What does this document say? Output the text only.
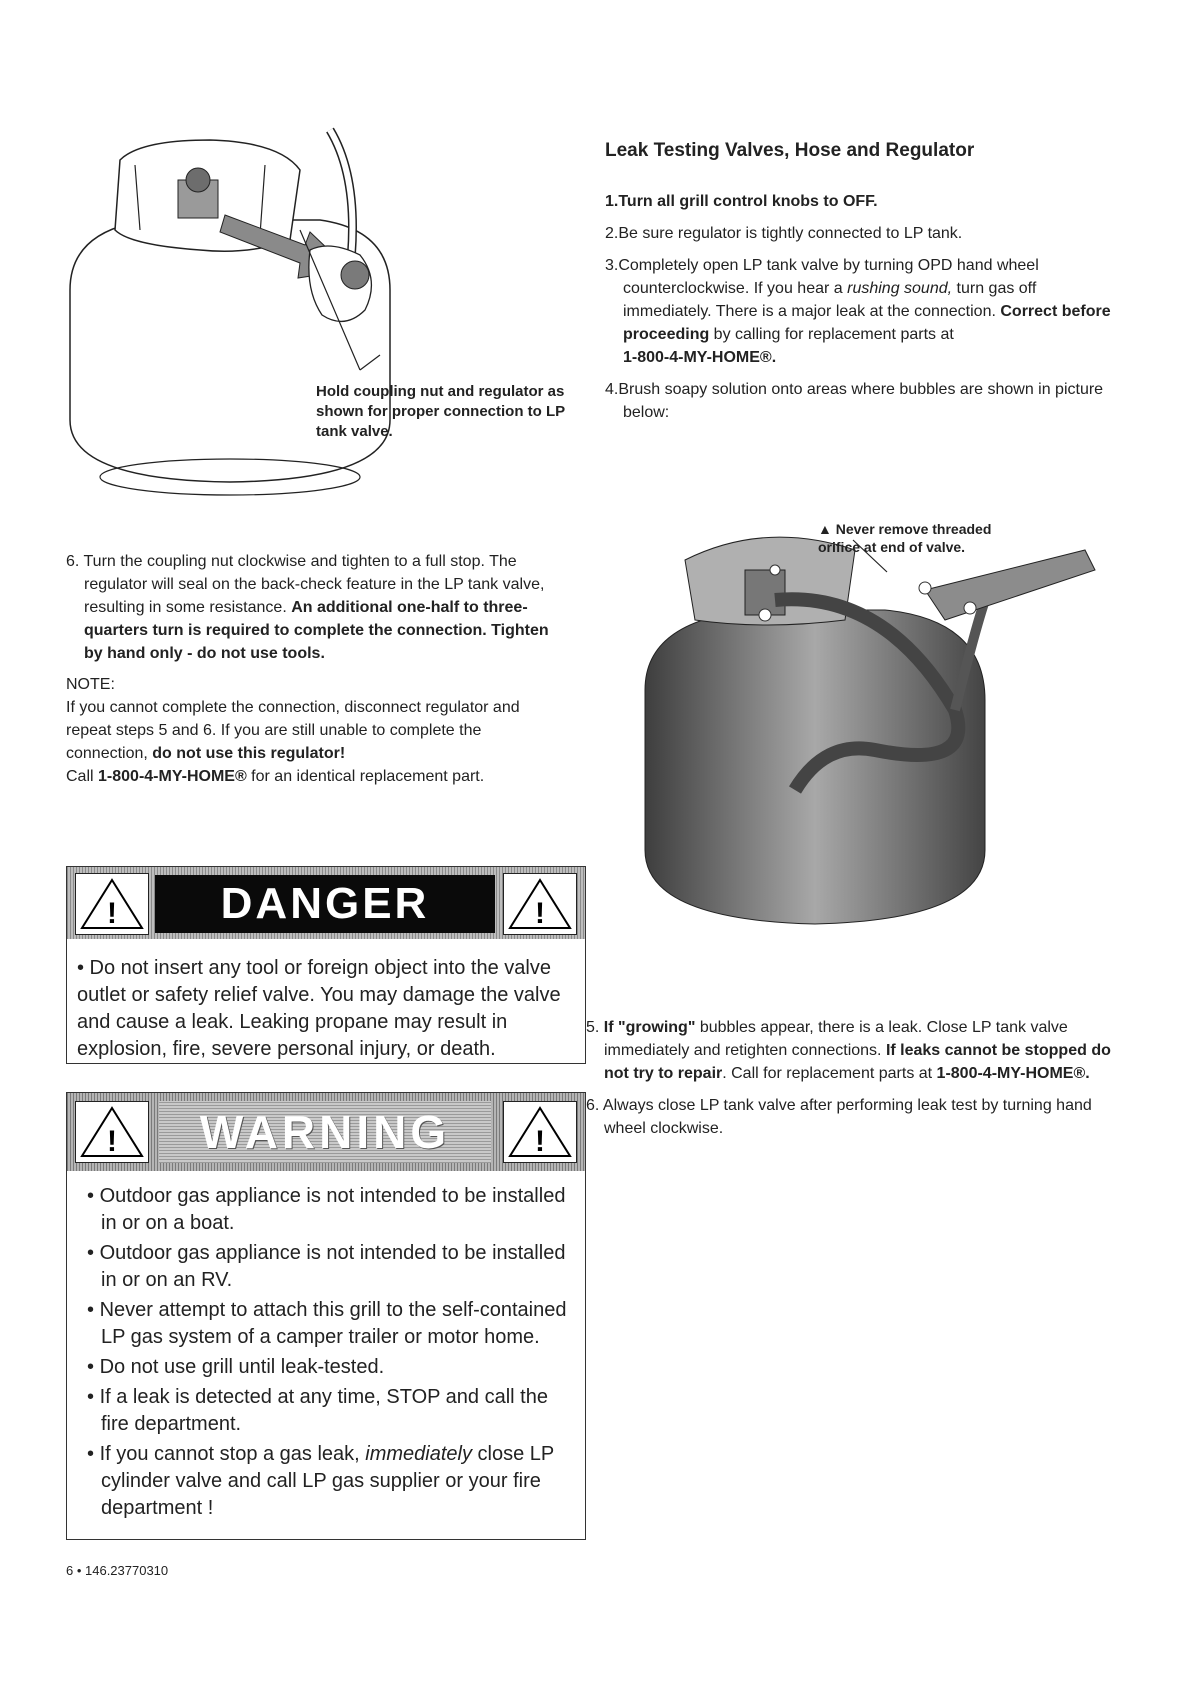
Hold coupling nut and regulator as shown for proper connection to LP tank valve.
Leak Testing Valves, Hose and Regulator

1.Turn all grill control knobs to OFF.

2.Be sure regulator is tightly connected to LP tank.

3.Completely open LP tank valve by turning OPD hand wheel counterclockwise. If you hear a rushing sound, turn gas off immediately. There is a major leak at the connection. Correct before proceeding by calling for replacement parts at
1-800-4-MY-HOME®.

4.Brush soapy solution onto areas where bubbles are shown in picture below:

▲ Never remove threaded
orifice at end of valve.

5. If "growing" bubbles appear, there is a leak. Close LP tank valve immediately and retighten connections. If leaks cannot be stopped do not try to repair. Call for replacement parts at 1-800-4-MY-HOME®.

6. Always close LP tank valve after performing leak test by turning hand wheel clockwise.

6. Turn the coupling nut clockwise and tighten to a full stop. The regulator will seal on the back-check feature in the LP tank valve, resulting in some resistance. An additional one-half to three-quarters turn is required to complete the connection. Tighten by hand only - do not use tools.

NOTE:

If you cannot complete the connection, disconnect regulator and repeat steps 5 and 6. If you are still unable to complete the connection, do not use this regulator!

Call 1-800-4-MY-HOME® for an identical replacement part.

!	DANGER	!
• Do not insert any tool or foreign object into the valve outlet or safety relief valve. You may damage the valve and cause a leak. Leaking propane may result in explosion, fire, severe personal injury, or death.
!	WARNING	!
• Outdoor gas appliance is not intended to be installed in or on a boat.
• Outdoor gas appliance is not intended to be installed in or on an RV.
• Never attempt to attach this grill to the self-contained LP gas system of a camper trailer or motor home.
• Do not use grill until leak-tested.
• If a leak is detected at any time, STOP and call the fire department.
• If you cannot stop a gas leak, immediately close LP cylinder valve and call LP gas supplier or your fire department !
6 • 146.23770310
